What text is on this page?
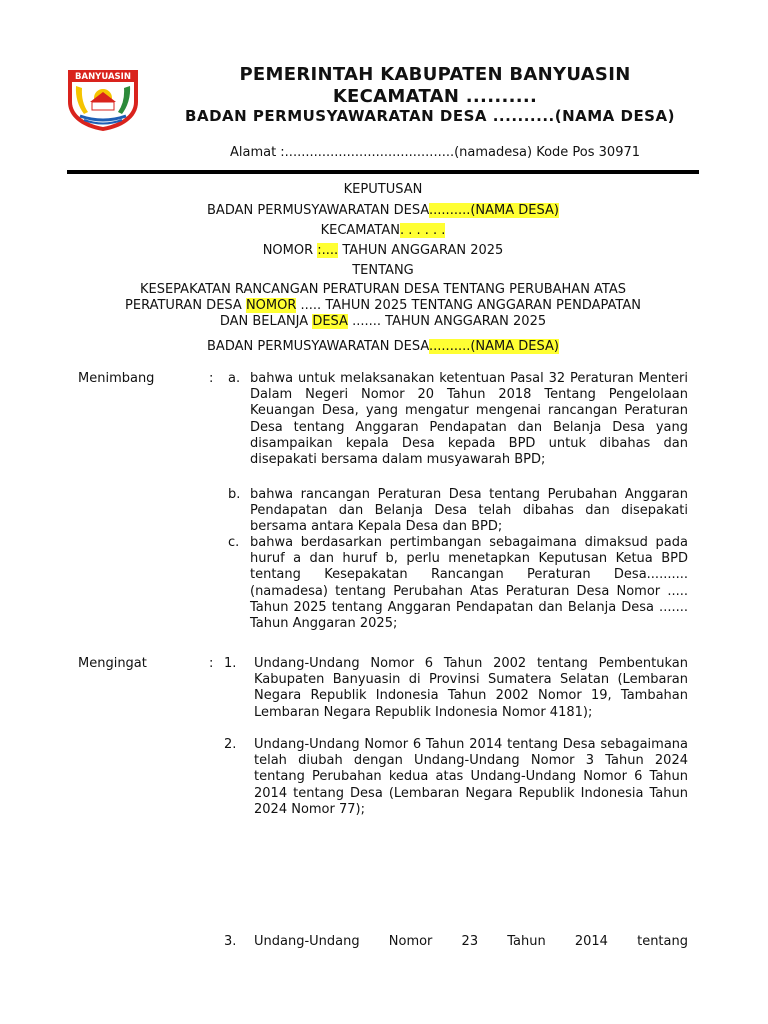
BANYUASIN	PEMERINTAH KABUPATEN BANYUASIN
KECAMATAN ..........
BADAN PERMUSYAWARATAN DESA ..........(NAMA DESA)
Alamat :.........................................(namadesa) Kode Pos 30971
KEPUTUSAN
BADAN PERMUSYAWARATAN DESA..........(NAMA DESA)
KECAMATAN. . . . . .
NOMOR :.... TAHUN ANGGARAN 2025
TENTANG
KESEPAKATAN RANCANGAN PERATURAN DESA TENTANG PERUBAHAN ATAS
PERATURAN DESA NOMOR ..... TAHUN 2025 TENTANG ANGGARAN PENDAPATAN
DAN BELANJA DESA ....... TAHUN ANGGARAN 2025
BADAN PERMUSYAWARATAN DESA..........(NAMA DESA)
Menimbang	: a. bahwa untuk melaksanakan ketentuan Pasal 32 Peraturan Menteri Dalam Negeri Nomor 20 Tahun 2018 Tentang Pengelolaan Keuangan Desa, yang mengatur mengenai rancangan Peraturan Desa tentang Anggaran Pendapatan dan Belanja Desa yang disampaikan kepala Desa kepada BPD untuk dibahas dan disepakati bersama dalam musyawarah BPD;
b. bahwa rancangan Peraturan Desa tentang Perubahan Anggaran Pendapatan dan Belanja Desa telah dibahas dan disepakati bersama antara Kepala Desa dan BPD;
c. bahwa berdasarkan pertimbangan sebagaimana dimaksud pada huruf a dan huruf b, perlu menetapkan Keputusan Ketua BPD tentang Kesepakatan Rancangan Peraturan Desa..........(namadesa) tentang Perubahan Atas Peraturan Desa Nomor ..... Tahun 2025 tentang Anggaran Pendapatan dan Belanja Desa ....... Tahun Anggaran 2025;
Mengingat	: 1. Undang-Undang Nomor 6 Tahun 2002 tentang Pembentukan Kabupaten Banyuasin di Provinsi Sumatera Selatan (Lembaran Negara Republik Indonesia Tahun 2002 Nomor 19, Tambahan Lembaran Negara Republik Indonesia Nomor 4181);
2. Undang-Undang Nomor 6 Tahun 2014 tentang Desa sebagaimana telah diubah dengan Undang-Undang Nomor 3 Tahun 2024 tentang Perubahan kedua atas Undang-Undang Nomor 6 Tahun 2014 tentang Desa (Lembaran Negara Republik Indonesia Tahun 2024 Nomor 77);
3. Undang-Undang Nomor 23 Tahun 2014 tentang
